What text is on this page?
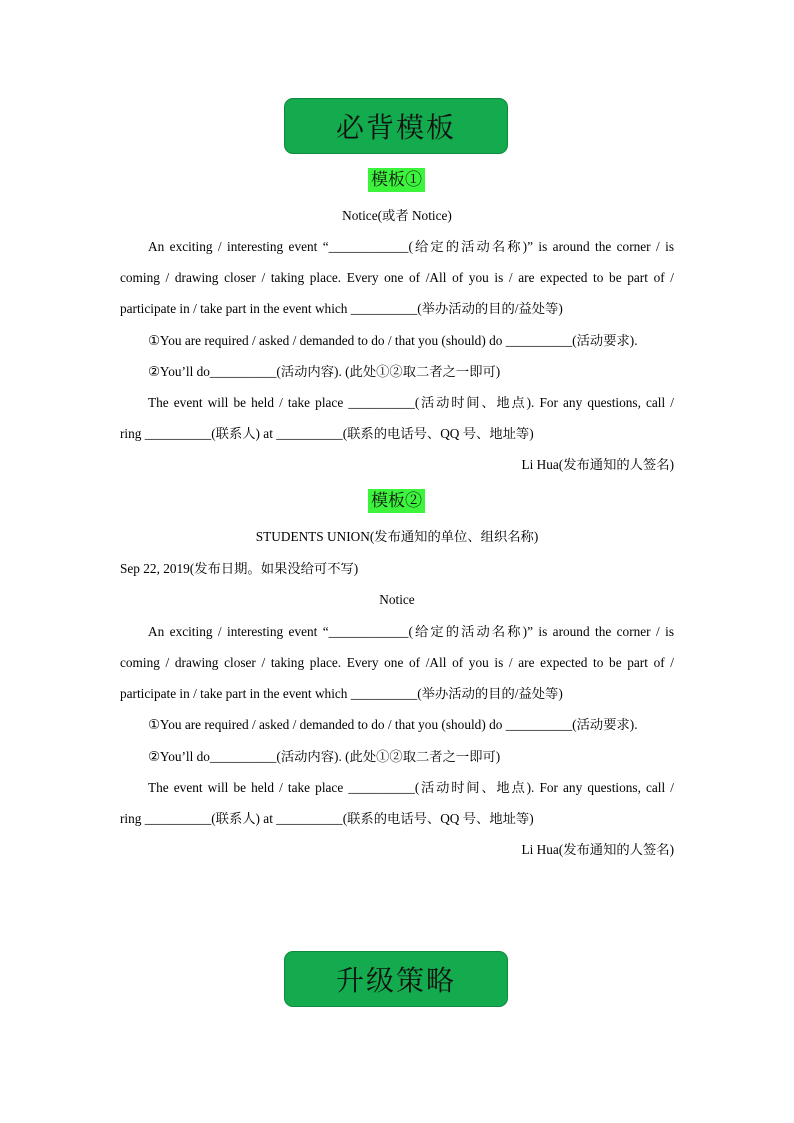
必背模板
模板①
Notice(或者 Notice)
An exciting / interesting event “____________(给定的活动名称)” is around the corner / is
coming / drawing closer / taking place. Every one of /All of you is / are expected to be part of /
participate in / take part in the event which __________(举办活动的目的/益处等)
①You are required / asked / demanded to do / that you (should) do __________(活动要求).
②You’ll do__________(活动内容). (此处①②取二者之一即可)
The event will be held / take place __________(活动时间、地点). For any questions, call /
ring __________(联系人) at __________(联系的电话号、QQ 号、地址等)
Li Hua(发布通知的人签名)
模板②
STUDENTS UNION(发布通知的单位、组织名称)
Sep 22, 2019(发布日期。如果没给可不写)
Notice
An exciting / interesting event “____________(给定的活动名称)” is around the corner / is
coming / drawing closer / taking place. Every one of /All of you is / are expected to be part of /
participate in / take part in the event which __________(举办活动的目的/益处等)
①You are required / asked / demanded to do / that you (should) do __________(活动要求).
②You’ll do__________(活动内容). (此处①②取二者之一即可)
The event will be held / take place __________(活动时间、地点). For any questions, call /
ring __________(联系人) at __________(联系的电话号、QQ 号、地址等)
Li Hua(发布通知的人签名)
升级策略
